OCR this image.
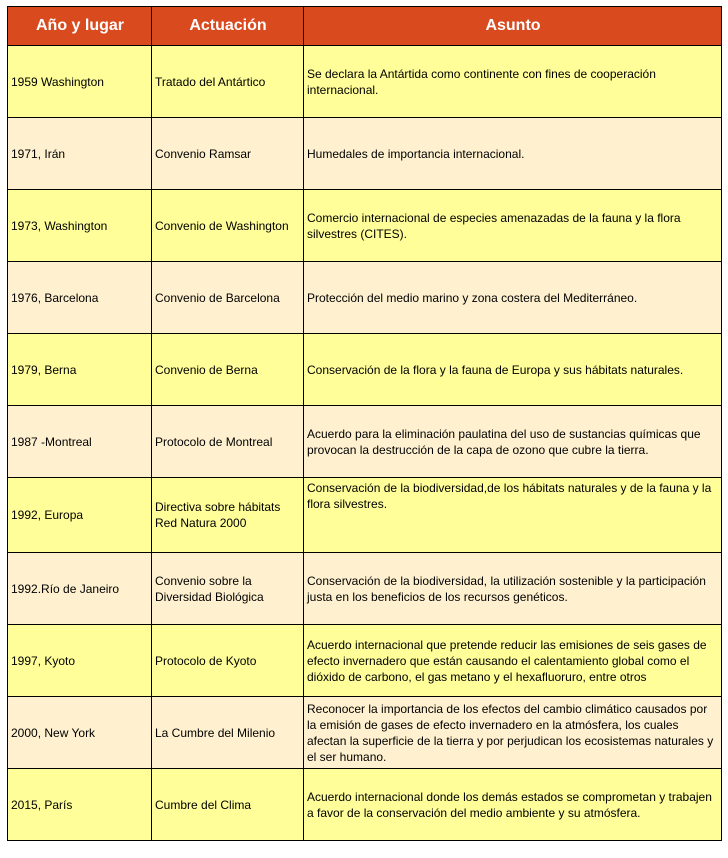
Año y lugar	Actuación	Asunto
1959 Washington	Tratado del Antártico	Se declara la Antártida como continente con fines de cooperación internacional.
1971, Irán	Convenio Ramsar	Humedales de importancia internacional.
1973, Washington	Convenio de Washington	Comercio internacional de especies amenazadas de la fauna y la flora silvestres (CITES).
1976, Barcelona	Convenio de Barcelona	Protección del medio marino y zona costera del Mediterráneo.
1979, Berna	Convenio de Berna	Conservación de la flora y la fauna de Europa y sus hábitats naturales.
1987 -Montreal	Protocolo de Montreal	Acuerdo para la eliminación paulatina del uso de sustancias químicas que provocan la destrucción de la capa de ozono que cubre la tierra.
1992, Europa	Directiva sobre hábitats Red Natura 2000	Conservación de la biodiversidad,de los hábitats naturales y de la fauna y la flora silvestres.
1992.Río de Janeiro	Convenio sobre la Diversidad Biológica	Conservación de la biodiversidad, la utilización sostenible y la participación justa en los beneficios de los recursos genéticos.
1997, Kyoto	Protocolo de Kyoto	Acuerdo internacional que pretende reducir las emisiones de seis gases de efecto invernadero que están causando el calentamiento global como el dióxido de carbono, el gas metano y el hexafluoruro, entre otros
2000, New York	La Cumbre del Milenio	Reconocer la importancia de los efectos del cambio climático causados por la emisión de gases de efecto invernadero en la atmósfera, los cuales afectan la superficie de la tierra y por perjudican los ecosistemas naturales y el ser humano.
2015, París	Cumbre del Clima	Acuerdo internacional donde los demás estados se comprometan y trabajen a favor de la conservación del medio ambiente y su atmósfera.
